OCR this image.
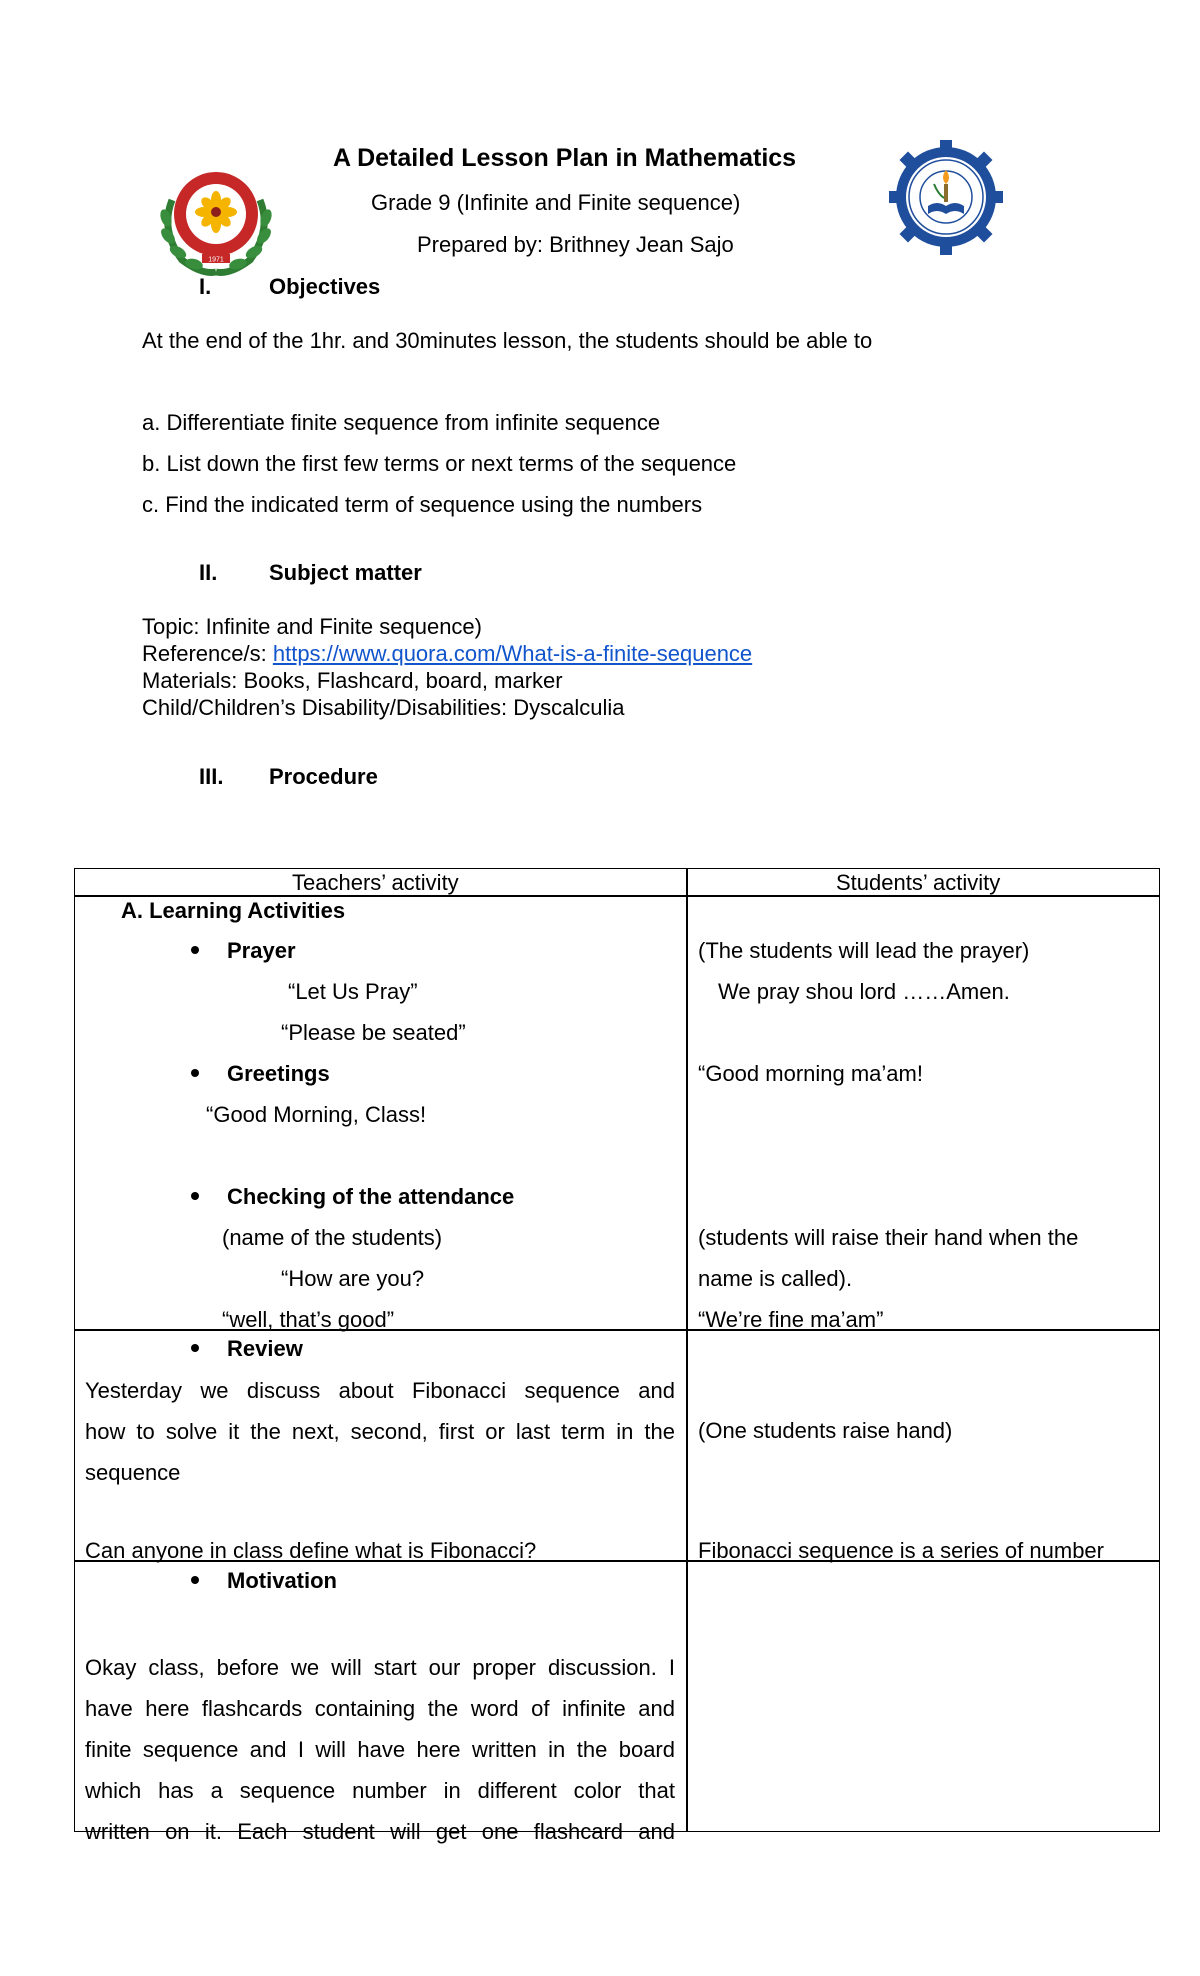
1971
A Detailed Lesson Plan in Mathematics
Grade 9 (Infinite and Finite sequence)
Prepared by: Brithney Jean Sajo
I.	Objectives
At the end of the 1hr. and 30minutes lesson, the students should be able to
a. Differentiate finite sequence from infinite sequence
b. List down the first few terms or next terms of the sequence
c. Find the indicated term of sequence using the numbers
II. Subject matter
Topic: Infinite and Finite sequence)
Reference/s: https://www.quora.com/What-is-a-finite-sequence
Materials: Books, Flashcard, board, marker
Child/Children’s Disability/Disabilities: Dyscalculia
III. Procedure
Teachers’ activity	Students’ activity
A. Learning Activities
Prayer
“Let Us Pray”
“Please be seated”
(The students will lead the prayer)
We pray shou lord ……Amen.
Greetings
“Good Morning, Class!
“Good morning ma’am!
Checking of the attendance
(name of the students)
“How are you?
“well, that’s good”
(students will raise their hand when the
name is called).
“We’re fine ma’am”
Review
Yesterday we discuss about Fibonacci sequence and
how to solve it the next, second, first or last term in the
sequence
Can anyone in class define what is Fibonacci?
(One students raise hand)
Fibonacci sequence is a series of number
Motivation
Okay class, before we will start our proper discussion. I
have here flashcards containing the word of infinite and
finite sequence and I will have here written in the board
which has a sequence number in different color that
written on it. Each student will get one flashcard and
